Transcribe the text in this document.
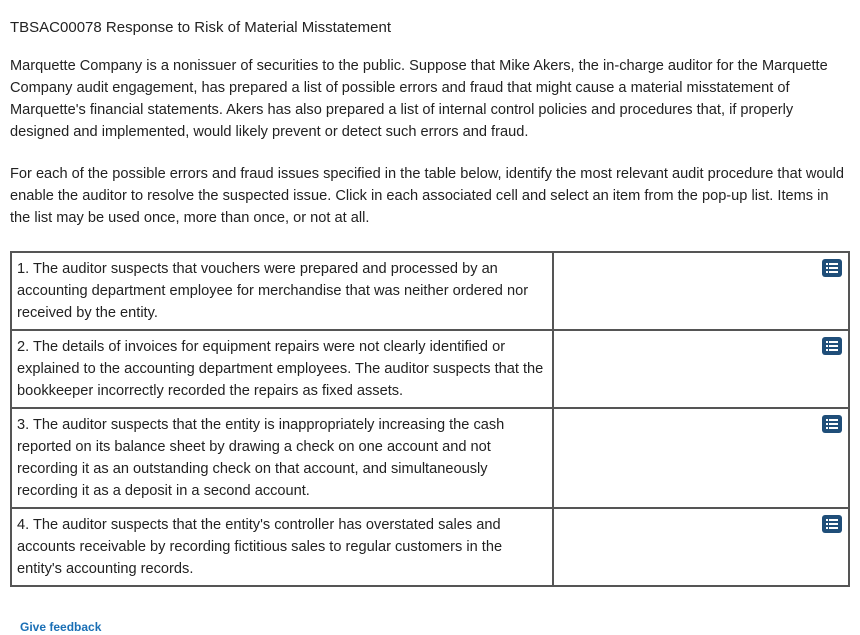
TBSAC00078 Response to Risk of Material Misstatement

Marquette Company is a nonissuer of securities to the public. Suppose that Mike Akers, the in-charge auditor for the Marquette Company audit engagement, has prepared a list of possible errors and fraud that might cause a material misstatement of Marquette's financial statements. Akers has also prepared a list of internal control policies and procedures that, if properly designed and implemented, would likely prevent or detect such errors and fraud.

For each of the possible errors and fraud issues specified in the table below, identify the most relevant audit procedure that would enable the auditor to resolve the suspected issue. Click in each associated cell and select an item from the pop-up list. Items in the list may be used once, more than once, or not at all.

1. The auditor suspects that vouchers were prepared and processed by an accounting department employee for merchandise that was neither ordered nor received by the entity.	

2. The details of invoices for equipment repairs were not clearly identified or explained to the accounting department employees. The auditor suspects that the bookkeeper incorrectly recorded the repairs as fixed assets.	

3. The auditor suspects that the entity is inappropriately increasing the cash reported on its balance sheet by drawing a check on one account and not recording it as an outstanding check on that account, and simultaneously recording it as a deposit in a second account.	

4. The auditor suspects that the entity's controller has overstated sales and accounts receivable by recording fictitious sales to regular customers in the entity's accounting records.	
Give feedback
